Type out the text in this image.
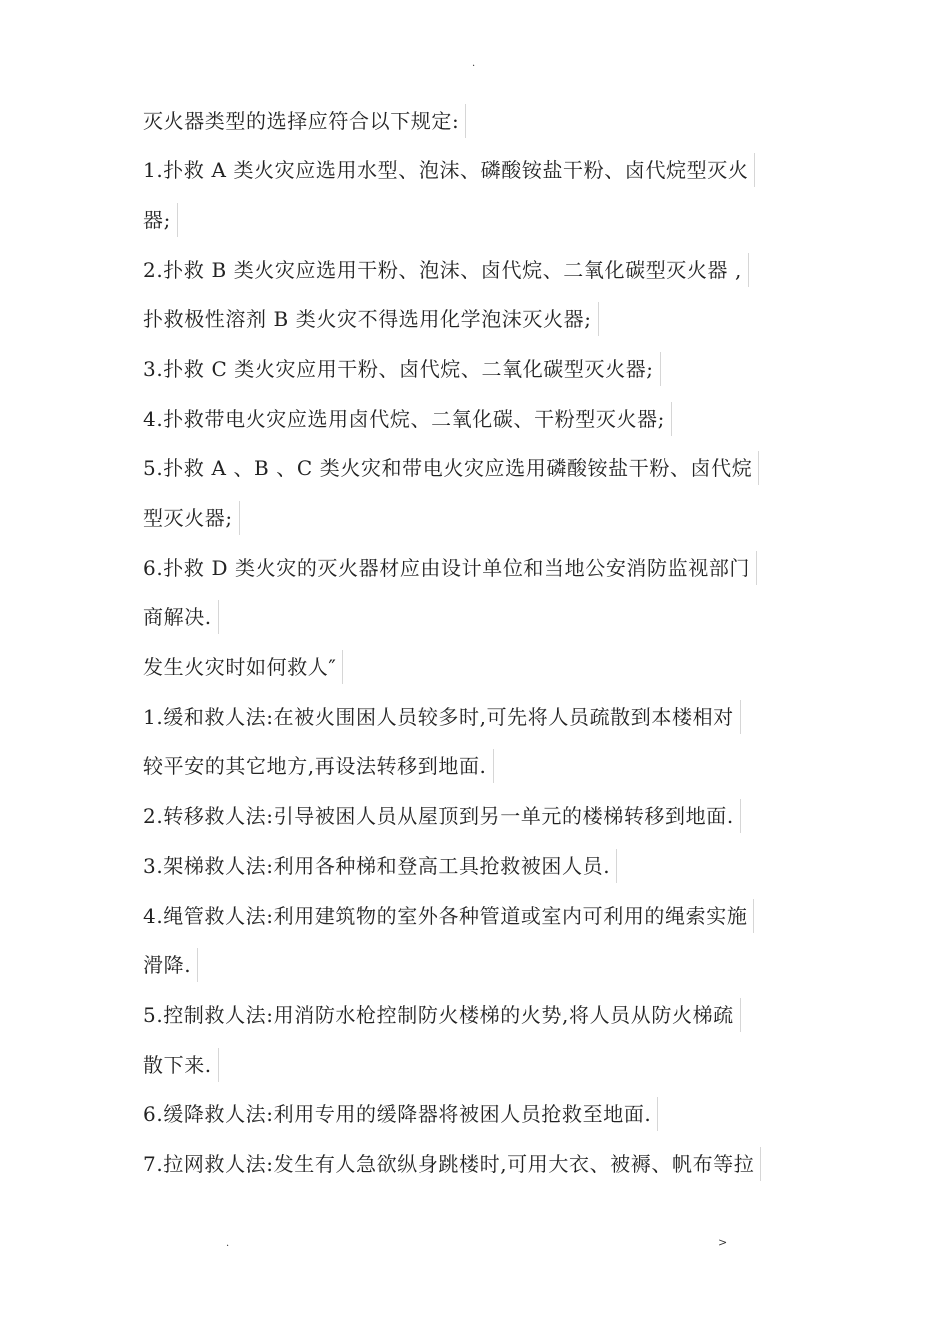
.
灭火器类型的选择应符合以下规定:
1.扑救 A 类火灾应选用水型、泡沫、磷酸铵盐干粉、卤代烷型灭火
器;
2.扑救 B 类火灾应选用干粉、泡沫、卤代烷、二氧化碳型灭火器 ,
扑救极性溶剂 B 类火灾不得选用化学泡沫灭火器;
3.扑救 C 类火灾应用干粉、卤代烷、二氧化碳型灭火器;
4.扑救带电火灾应选用卤代烷、二氧化碳、干粉型灭火器;
5.扑救 A 、B 、C 类火灾和带电火灾应选用磷酸铵盐干粉、卤代烷
型灭火器;
6.扑救 D 类火灾的灭火器材应由设计单位和当地公安消防监视部门
商解决.
发生火灾时如何救人″
1.缓和救人法:在被火围困人员较多时,可先将人员疏散到本楼相对
较平安的其它地方,再设法转移到地面.
2.转移救人法:引导被困人员从屋顶到另一单元的楼梯转移到地面.
3.架梯救人法:利用各种梯和登高工具抢救被困人员.
4.绳管救人法:利用建筑物的室外各种管道或室内可利用的绳索实施
滑降.
5.控制救人法:用消防水枪控制防火楼梯的火势,将人员从防火梯疏
散下来.
6.缓降救人法:利用专用的缓降器将被困人员抢救至地面.
7.拉网救人法:发生有人急欲纵身跳楼时,可用大衣、被褥、帆布等拉
.	>
